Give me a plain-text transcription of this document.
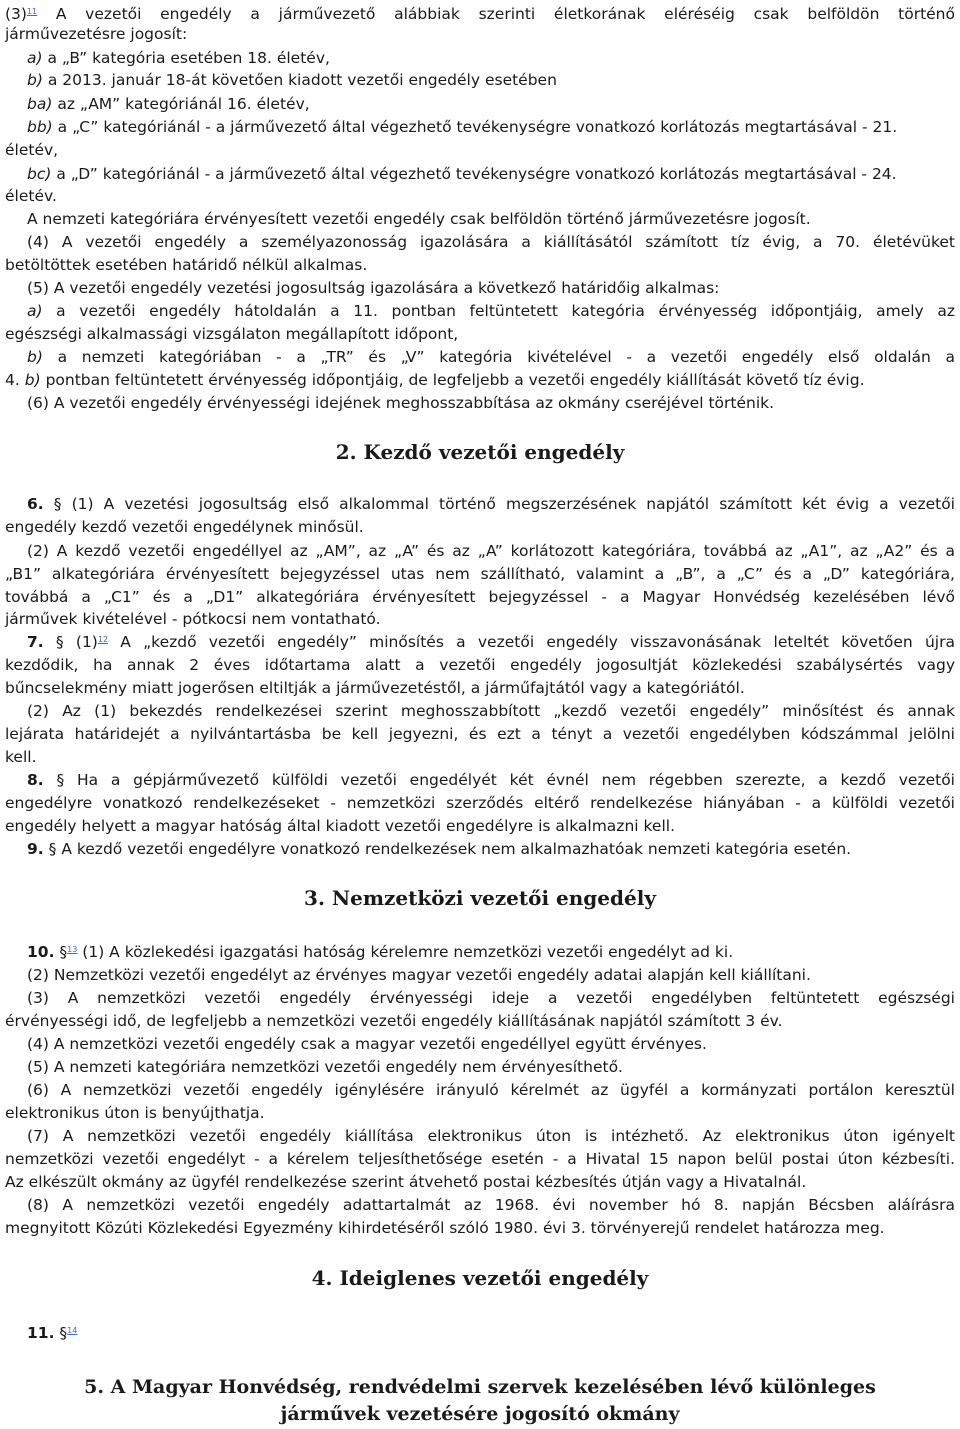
$(3)^{11}$ A vezetői engedély a járművezető alábbiak szerinti életkorának eléréséig csak belföldön történő
járművezetésre jogosít:
a) a „B” kategória esetében 18. életév,
b) a 2013. január 18-át követően kiadott vezetői engedély esetében
ba) az „AM” kategóriánál 16. életév,
bb) a „C” kategóriánál - a járművezető által végezhető tevékenységre vonatkozó korlátozás megtartásával - 21.
életév,
bc) a „D” kategóriánál - a járművezető által végezhető tevékenységre vonatkozó korlátozás megtartásával - 24.
életév.
A nemzeti kategóriára érvényesített vezetői engedély csak belföldön történő járművezetésre jogosít.
(4) A vezetői engedély a személyazonosság igazolására a kiállításától számított tíz évig, a 70. életévüket
betöltöttek esetében határidő nélkül alkalmas.
(5) A vezetői engedély vezetési jogosultság igazolására a következő határidőig alkalmas:
a) a vezetői engedély hátoldalán a 11. pontban feltüntetett kategória érvényesség időpontjáig, amely az
egészségi alkalmassági vizsgálaton megállapított időpont,
b) a nemzeti kategóriában - a „TR” és „V” kategória kivételével - a vezetői engedély első oldalán a
4. b) pontban feltüntetett érvényesség időpontjáig, de legfeljebb a vezetői engedély kiállítását követő tíz évig.
(6) A vezetői engedély érvényességi idejének meghosszabbítása az okmány cseréjével történik.
2. Kezdő vezetői engedély
6. § (1) A vezetési jogosultság első alkalommal történő megszerzésének napjától számított két évig a vezetői
engedély kezdő vezetői engedélynek minősül.
(2) A kezdő vezetői engedéllyel az „AM”, az „A” és az „A” korlátozott kategóriára, továbbá az „A1”, az „A2” és a
„B1” alkategóriára érvényesített bejegyzéssel utas nem szállítható, valamint a „B”, a „C” és a „D” kategóriára,
továbbá a „C1” és a „D1” alkategóriára érvényesített bejegyzéssel - a Magyar Honvédség kezelésében lévő
járművek kivételével - pótkocsi nem vontatható.
7. § $(1)^{12}$ A „kezdő vezetői engedély” minősítés a vezetői engedély visszavonásának leteltét követően újra
kezdődik, ha annak 2 éves időtartama alatt a vezetői engedély jogosultját közlekedési szabálysértés vagy
bűncselekmény miatt jogerősen eltiltják a járművezetéstől, a járműfajtától vagy a kategóriától.
(2) Az (1) bekezdés rendelkezései szerint meghosszabbított „kezdő vezetői engedély” minősítést és annak
lejárata határidejét a nyilvántartásba be kell jegyezni, és ezt a tényt a vezetői engedélyben kódszámmal jelölni
kell.
8. § Ha a gépjárművezető külföldi vezetői engedélyét két évnél nem régebben szerezte, a kezdő vezetői
engedélyre vonatkozó rendelkezéseket - nemzetközi szerződés eltérő rendelkezése hiányában - a külföldi vezetői
engedély helyett a magyar hatóság által kiadott vezetői engedélyre is alkalmazni kell.
9. § A kezdő vezetői engedélyre vonatkozó rendelkezések nem alkalmazhatóak nemzeti kategória esetén.
3. Nemzetközi vezetői engedély
10. §$^{13}$ (1) A közlekedési igazgatási hatóság kérelemre nemzetközi vezetői engedélyt ad ki.
(2) Nemzetközi vezetői engedélyt az érvényes magyar vezetői engedély adatai alapján kell kiállítani.
(3) A nemzetközi vezetői engedély érvényességi ideje a vezetői engedélyben feltüntetett egészségi
érvényességi idő, de legfeljebb a nemzetközi vezetői engedély kiállításának napjától számított 3 év.
(4) A nemzetközi vezetői engedély csak a magyar vezetői engedéllyel együtt érvényes.
(5) A nemzeti kategóriára nemzetközi vezetői engedély nem érvényesíthető.
(6) A nemzetközi vezetői engedély igénylésére irányuló kérelmét az ügyfél a kormányzati portálon keresztül
elektronikus úton is benyújthatja.
(7) A nemzetközi vezetői engedély kiállítása elektronikus úton is intézhető. Az elektronikus úton igényelt
nemzetközi vezetői engedélyt - a kérelem teljesíthetősége esetén - a Hivatal 15 napon belül postai úton kézbesíti.
Az elkészült okmány az ügyfél rendelkezése szerint átvehető postai kézbesítés útján vagy a Hivatalnál.
(8) A nemzetközi vezetői engedély adattartalmát az 1968. évi november hó 8. napján Bécsben aláírásra
megnyitott Közúti Közlekedési Egyezmény kihirdetéséről szóló 1980. évi 3. törvényerejű rendelet határozza meg.
4. Ideiglenes vezetői engedély
11. §$^{14}$
5. A Magyar Honvédség, rendvédelmi szervek kezelésében lévő különleges
járművek vezetésére jogosító okmány
